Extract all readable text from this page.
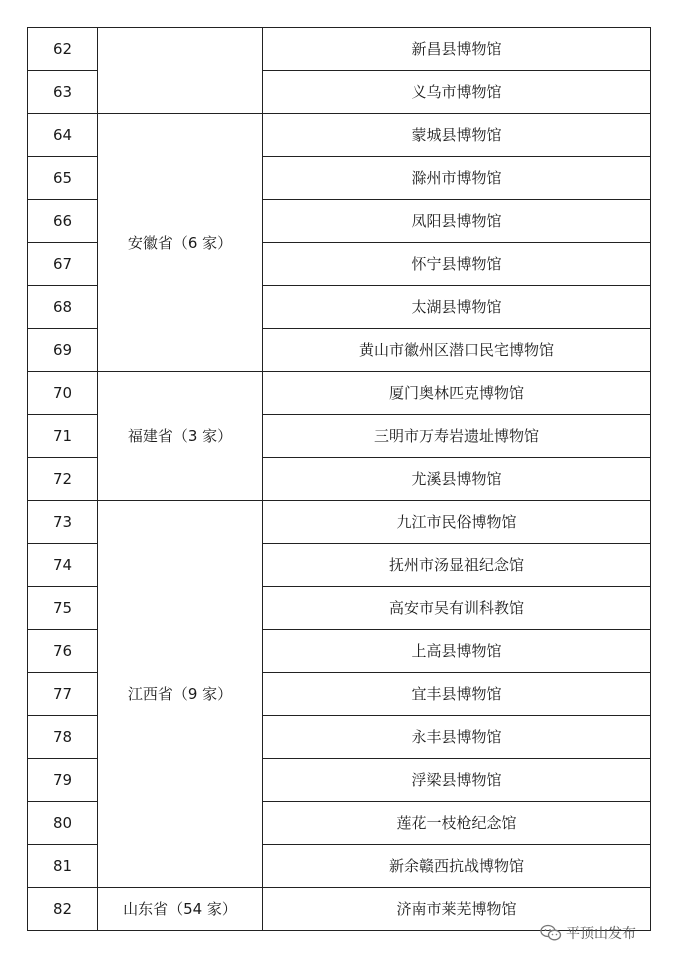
62		新昌县博物馆
63		义乌市博物馆
64	安徽省（6 家）	蒙城县博物馆
65		滁州市博物馆
66		凤阳县博物馆
67		怀宁县博物馆
68		太湖县博物馆
69		黄山市徽州区潜口民宅博物馆
70	福建省（3 家）	厦门奥林匹克博物馆
71		三明市万寿岩遗址博物馆
72		尤溪县博物馆
73	江西省（9 家）	九江市民俗博物馆
74		抚州市汤显祖纪念馆
75		高安市吴有训科教馆
76		上高县博物馆
77		宜丰县博物馆
78		永丰县博物馆
79		浮梁县博物馆
80		莲花一枝枪纪念馆
81		新余赣西抗战博物馆
82	山东省（54 家）	济南市莱芜博物馆
平顶山发布
